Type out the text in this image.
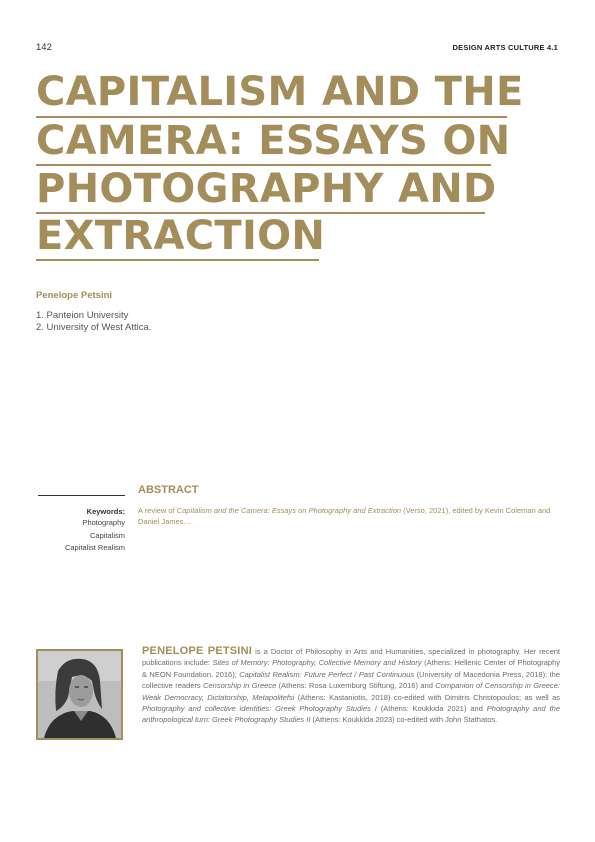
142	DESIGN ARTS CULTURE 4.1
CAPITALISM AND THE
CAMERA: ESSAYS ON
PHOTOGRAPHY AND
EXTRACTION
Penelope Petsini
1. Panteion University
2. University of West Attica.
Keywords:
Photography
Capitalism
Capitalist Realism
ABSTRACT
A review of Capitalism and the Camera: Essays on Photography and Extraction (Verso, 2021), edited by Kevin Coleman and Daniel James…
PENELOPE PETSINI is a Doctor of Philosophy in Arts and Humanities, specialized in photography. Her recent publications include: Sites of Memory: Photography, Collective Memory and History (Athens: Hellenic Center of Photography & NEON Foundation, 2016); Capitalist Realism: Future Perfect / Past Continuous (University of Macedonia Press, 2018); the collective readers Censorship in Greece (Athens: Rosa Luxemburg Stiftung, 2016) and Companion of Censorship in Greece: Weak Democracy, Dictatorship, Metapolitefsi (Athens: Kastaniotis, 2018) co-edited with Dimitris Christopoulos; as well as Photography and collective identities: Greek Photography Studies I (Athens: Koukkida 2021) and Photography and the anthropological turn: Greek Photography Studies II (Athens: Koukkida 2023) co-edited with John Stathatos.
